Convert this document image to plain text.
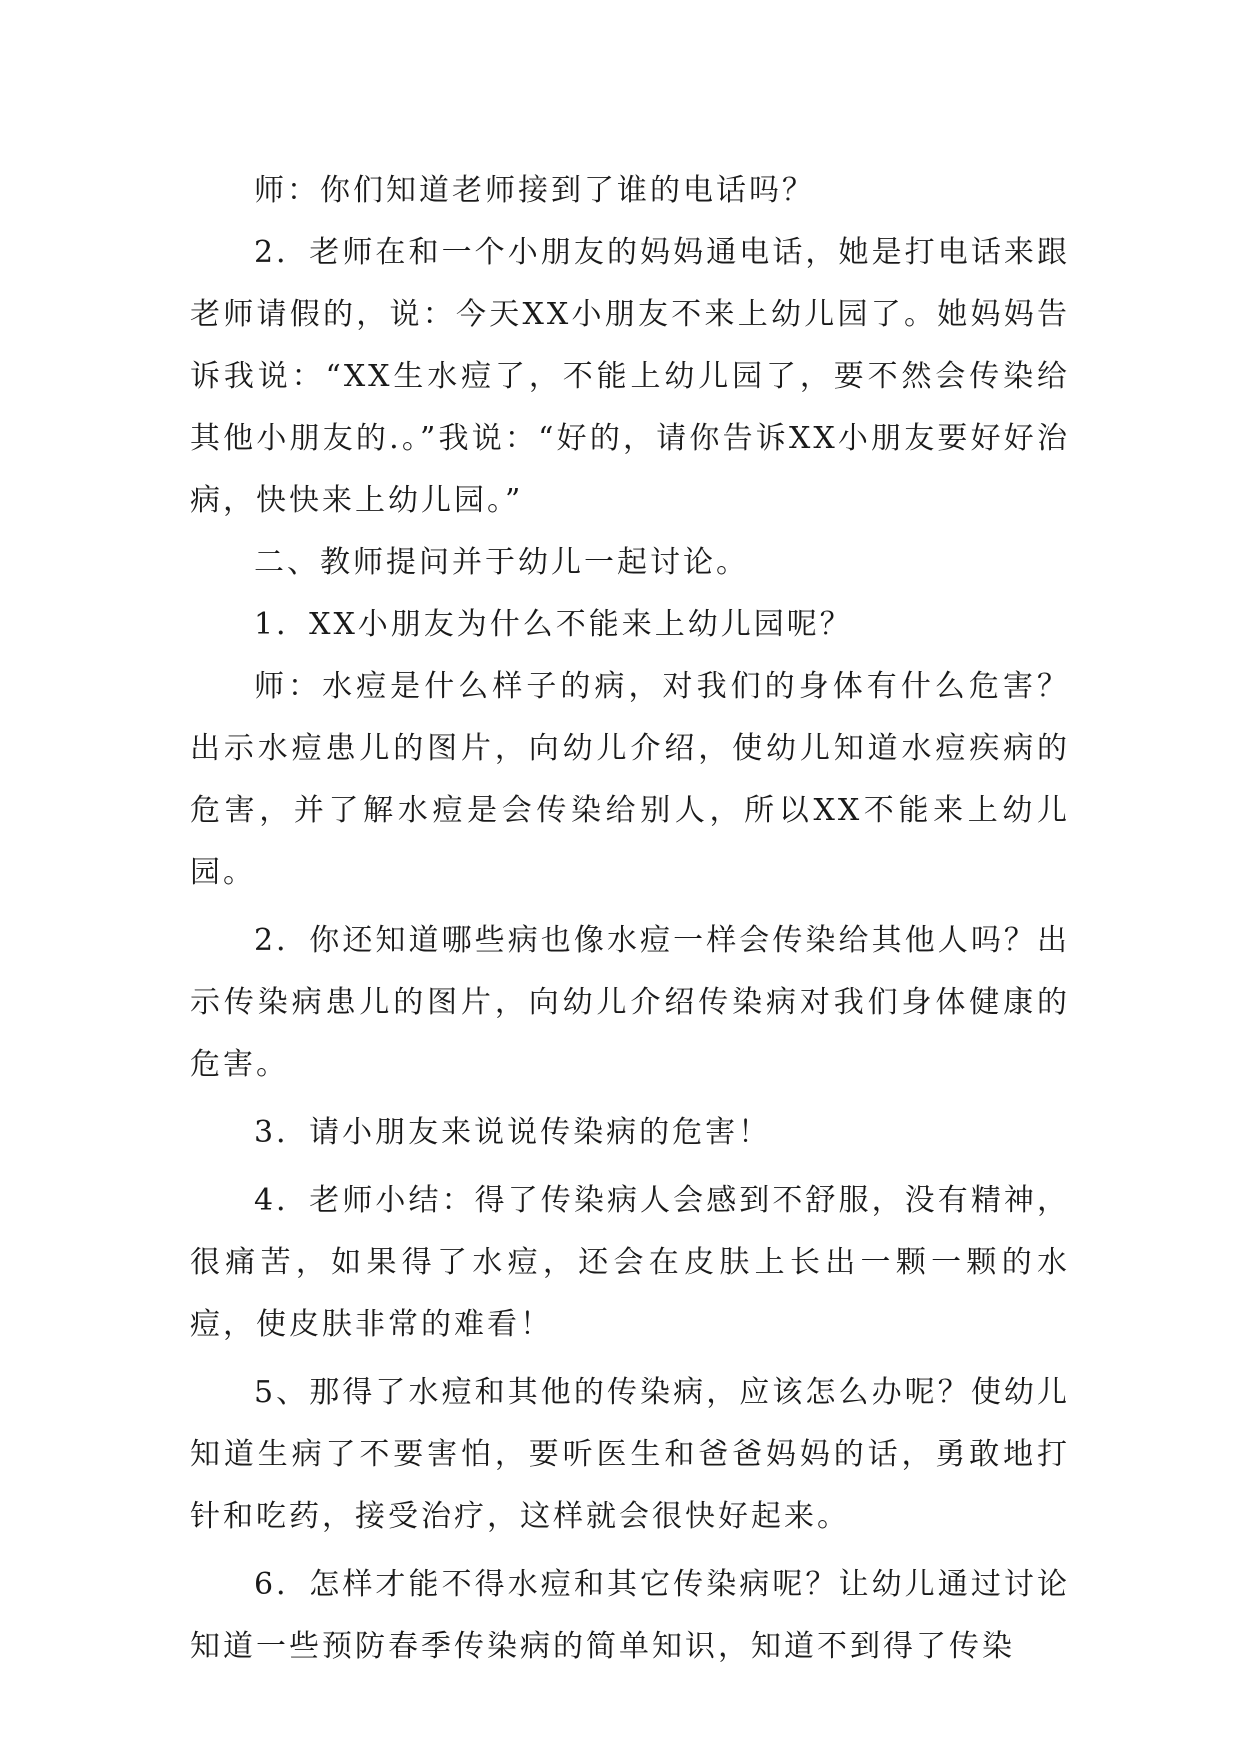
师：你们知道老师接到了谁的电话吗？

2．老师在和一个小朋友的妈妈通电话，她是打电话来跟老师请假的，说：今天XX小朋友不来上幼儿园了。她妈妈告诉我说：“XX生水痘了，不能上幼儿园了，要不然会传染给其他小朋友的.。”我说：“好的，请你告诉XX小朋友要好好治病，快快来上幼儿园。”

二、教师提问并于幼儿一起讨论。

1．XX小朋友为什么不能来上幼儿园呢？

师：水痘是什么样子的病，对我们的身体有什么危害？出示水痘患儿的图片，向幼儿介绍，使幼儿知道水痘疾病的危害，并了解水痘是会传染给别人，所以XX不能来上幼儿园。

2．你还知道哪些病也像水痘一样会传染给其他人吗？出示传染病患儿的图片，向幼儿介绍传染病对我们身体健康的危害。

3．请小朋友来说说传染病的危害！

4．老师小结：得了传染病人会感到不舒服，没有精神，很痛苦，如果得了水痘，还会在皮肤上长出一颗一颗的水痘，使皮肤非常的难看！

5、那得了水痘和其他的传染病，应该怎么办呢？使幼儿知道生病了不要害怕，要听医生和爸爸妈妈的话，勇敢地打针和吃药，接受治疗，这样就会很快好起来。

6．怎样才能不得水痘和其它传染病呢？让幼儿通过讨论知道一些预防春季传染病的简单知识，知道不到得了传染
